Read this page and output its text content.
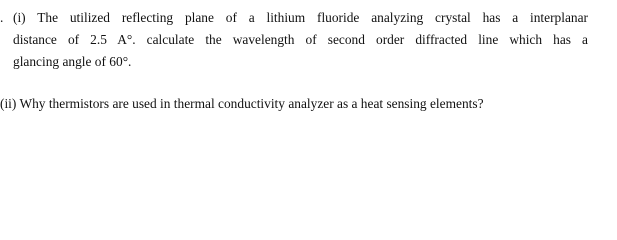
. (i) The utilized reflecting plane of a lithium fluoride analyzing crystal has a interplanar
distance of 2.5 A°. calculate the wavelength of second order diffracted line which has a
glancing angle of 60°.
(ii) Why thermistors are used in thermal conductivity analyzer as a heat sensing elements?
